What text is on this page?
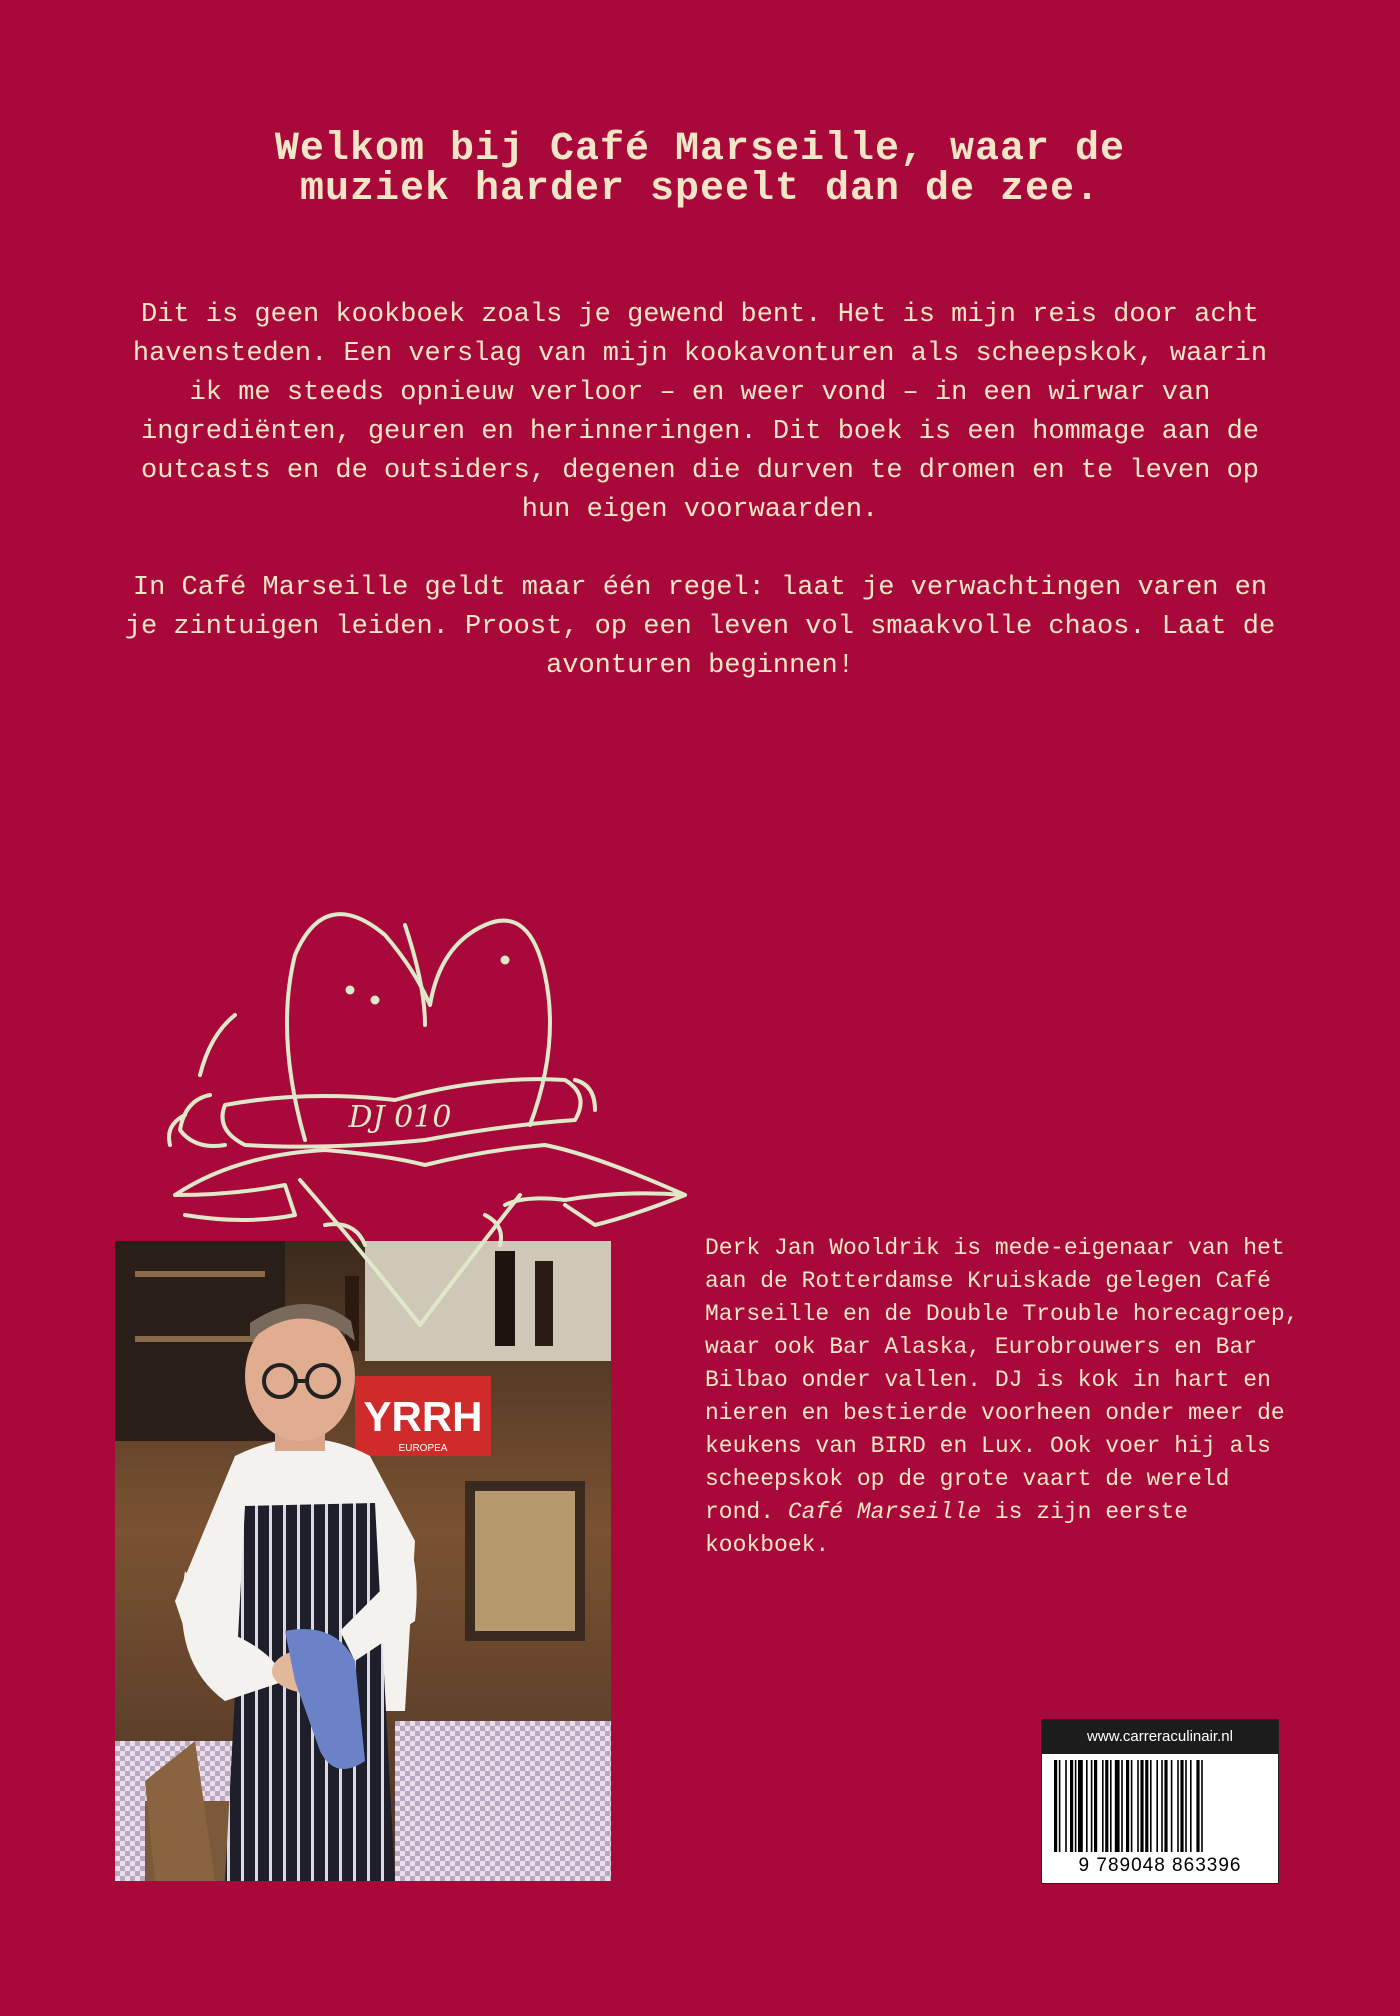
Welkom bij Café Marseille, waar de
muziek harder speelt dan de zee.

Dit is geen kookboek zoals je gewend bent. Het is mijn reis door acht havensteden. Een verslag van mijn kookavonturen als scheepskok, waarin ik me steeds opnieuw verloor – en weer vond – in een wirwar van ingrediënten, geuren en herinneringen. Dit boek is een hommage aan de outcasts en de outsiders, degenen die durven te dromen en te leven op hun eigen voorwaarden.

In Café Marseille geldt maar één regel: laat je verwachtingen varen en je zintuigen leiden. Proost, op een leven vol smaakvolle chaos. Laat de avonturen beginnen!

YRRH
EUROPEA
DJ 010
Derk Jan Wooldrik is mede-eigenaar van het aan de Rotterdamse Kruiskade gelegen Café Marseille en de Double Trouble horecagroep, waar ook Bar Alaska, Eurobrouwers en Bar Bilbao onder vallen. DJ is kok in hart en nieren en bestierde voorheen onder meer de keukens van BIRD en Lux. Ook voer hij als scheepskok op de grote vaart de wereld rond. Café Marseille is zijn eerste kookboek.
www.carreraculinair.nl
9 789048 863396
